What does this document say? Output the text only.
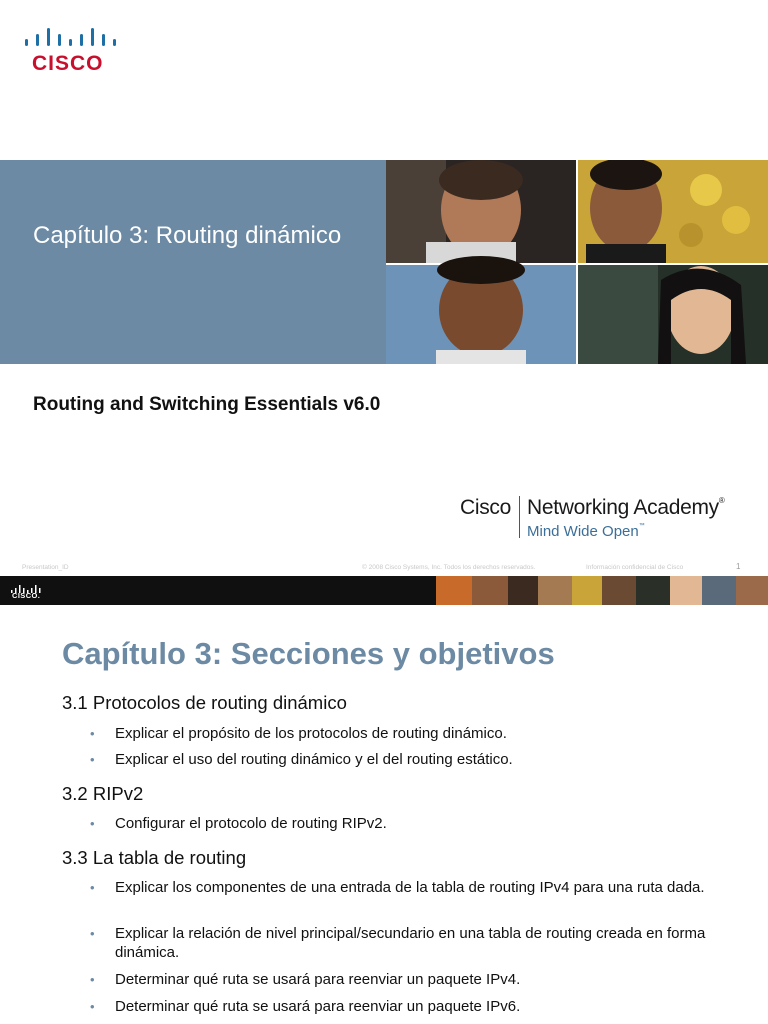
CISCO
Capítulo 3: Routing dinámico
Routing and Switching Essentials v6.0
Cisco Networking Academy®
Mind Wide Open™
Presentation_ID	© 2008 Cisco Systems, Inc. Todos los derechos reservados.	Información confidencial de Cisco	1
CISCO.
Capítulo 3: Secciones y objetivos
3.1 Protocolos de routing dinámico
• Explicar el propósito de los protocolos de routing dinámico.
• Explicar el uso del routing dinámico y el del routing estático.
3.2 RIPv2
• Configurar el protocolo de routing RIPv2.
3.3 La tabla de routing
• Explicar los componentes de una entrada de la tabla de routing IPv4 para una ruta dada.
• Explicar la relación de nivel principal/secundario en una tabla de routing creada en forma dinámica.
• Determinar qué ruta se usará para reenviar un paquete IPv4.
• Determinar qué ruta se usará para reenviar un paquete IPv6.
